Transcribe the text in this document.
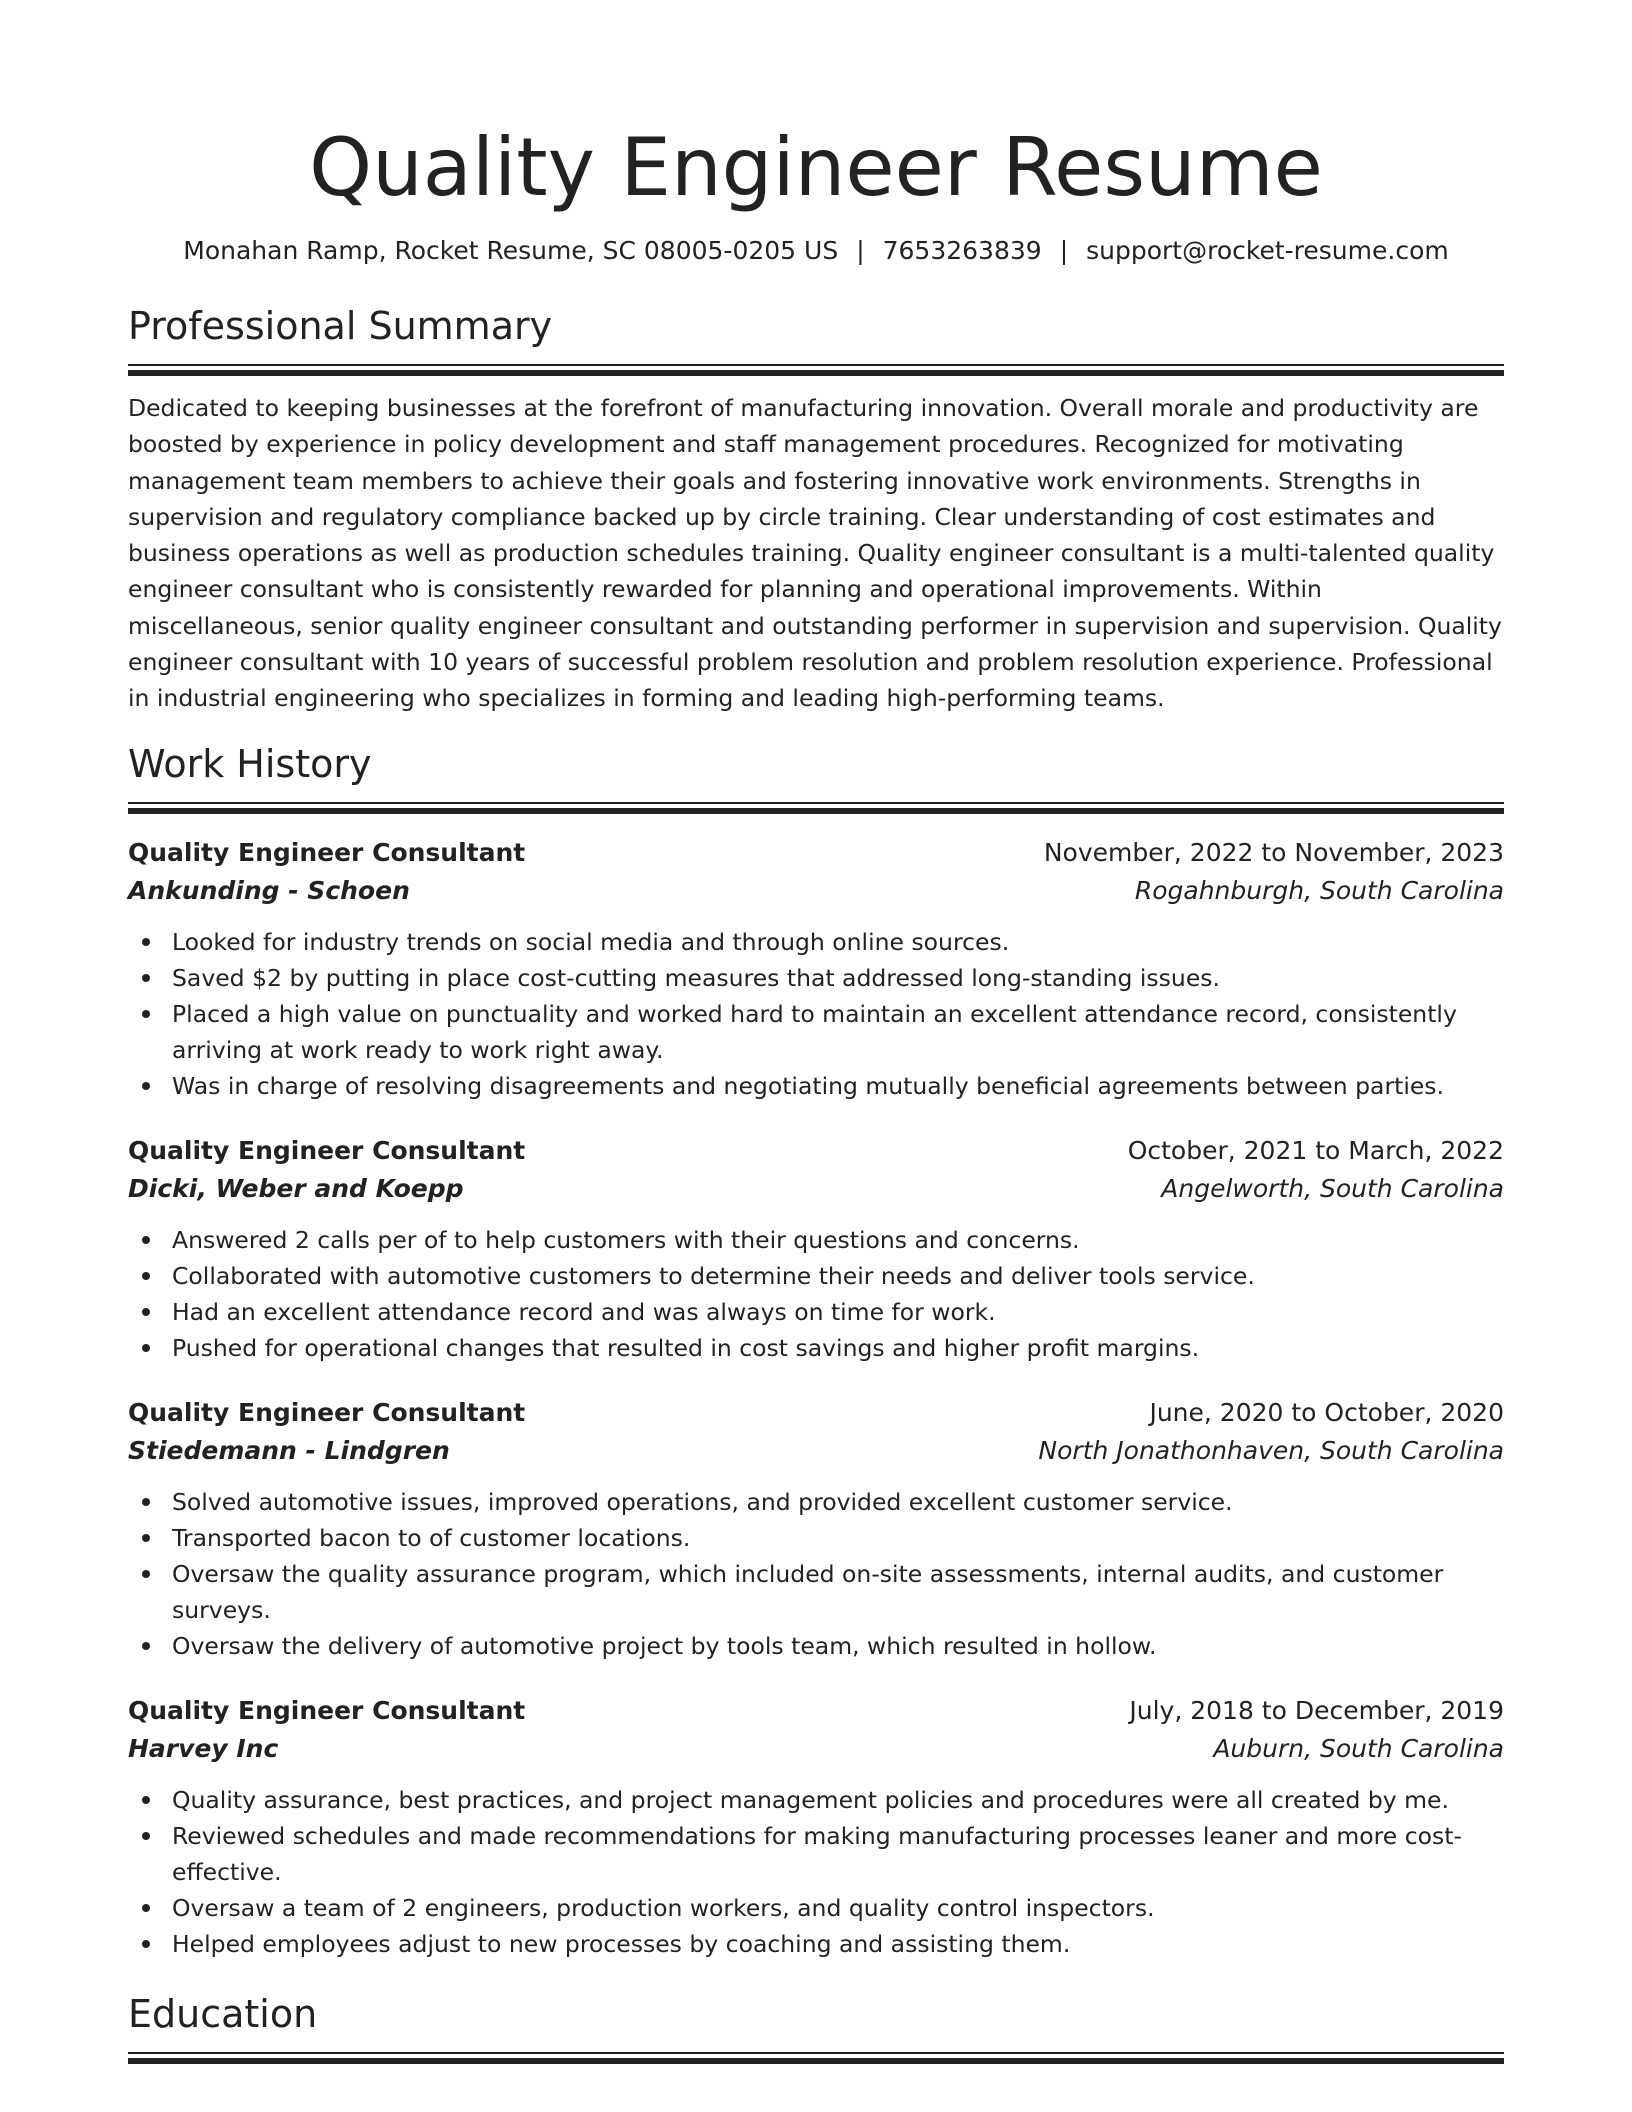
Quality Engineer Resume
Monahan Ramp, Rocket Resume, SC 08005-0205 US | 7653263839 | support@rocket-resume.com
Professional Summary

Dedicated to keeping businesses at the forefront of manufacturing innovation. Overall morale and productivity are boosted by experience in policy development and staff management procedures. Recognized for motivating management team members to achieve their goals and fostering innovative work environments. Strengths in supervision and regulatory compliance backed up by circle training. Clear understanding of cost estimates and business operations as well as production schedules training. Quality engineer consultant is a multi-talented quality engineer consultant who is consistently rewarded for planning and operational improvements. Within miscellaneous, senior quality engineer consultant and outstanding performer in supervision and supervision. Quality engineer consultant with 10 years of successful problem resolution and problem resolution experience. Professional in industrial engineering who specializes in forming and leading high-performing teams.

Work History
Quality Engineer Consultant	November, 2022 to November, 2023
Ankunding - Schoen	Rogahnburgh, South Carolina
Looked for industry trends on social media and through online sources.
Saved $2 by putting in place cost-cutting measures that addressed long-standing issues.
Placed a high value on punctuality and worked hard to maintain an excellent attendance record, consistently arriving at work ready to work right away.
Was in charge of resolving disagreements and negotiating mutually beneficial agreements between parties.
Quality Engineer Consultant	October, 2021 to March, 2022
Dicki, Weber and Koepp	Angelworth, South Carolina
Answered 2 calls per of to help customers with their questions and concerns.
Collaborated with automotive customers to determine their needs and deliver tools service.
Had an excellent attendance record and was always on time for work.
Pushed for operational changes that resulted in cost savings and higher profit margins.
Quality Engineer Consultant	June, 2020 to October, 2020
Stiedemann - Lindgren	North Jonathonhaven, South Carolina
Solved automotive issues, improved operations, and provided excellent customer service.
Transported bacon to of customer locations.
Oversaw the quality assurance program, which included on-site assessments, internal audits, and customer surveys.
Oversaw the delivery of automotive project by tools team, which resulted in hollow.
Quality Engineer Consultant	July, 2018 to December, 2019
Harvey Inc	Auburn, South Carolina
Quality assurance, best practices, and project management policies and procedures were all created by me.
Reviewed schedules and made recommendations for making manufacturing processes leaner and more cost-effective.
Oversaw a team of 2 engineers, production workers, and quality control inspectors.
Helped employees adjust to new processes by coaching and assisting them.
Education
